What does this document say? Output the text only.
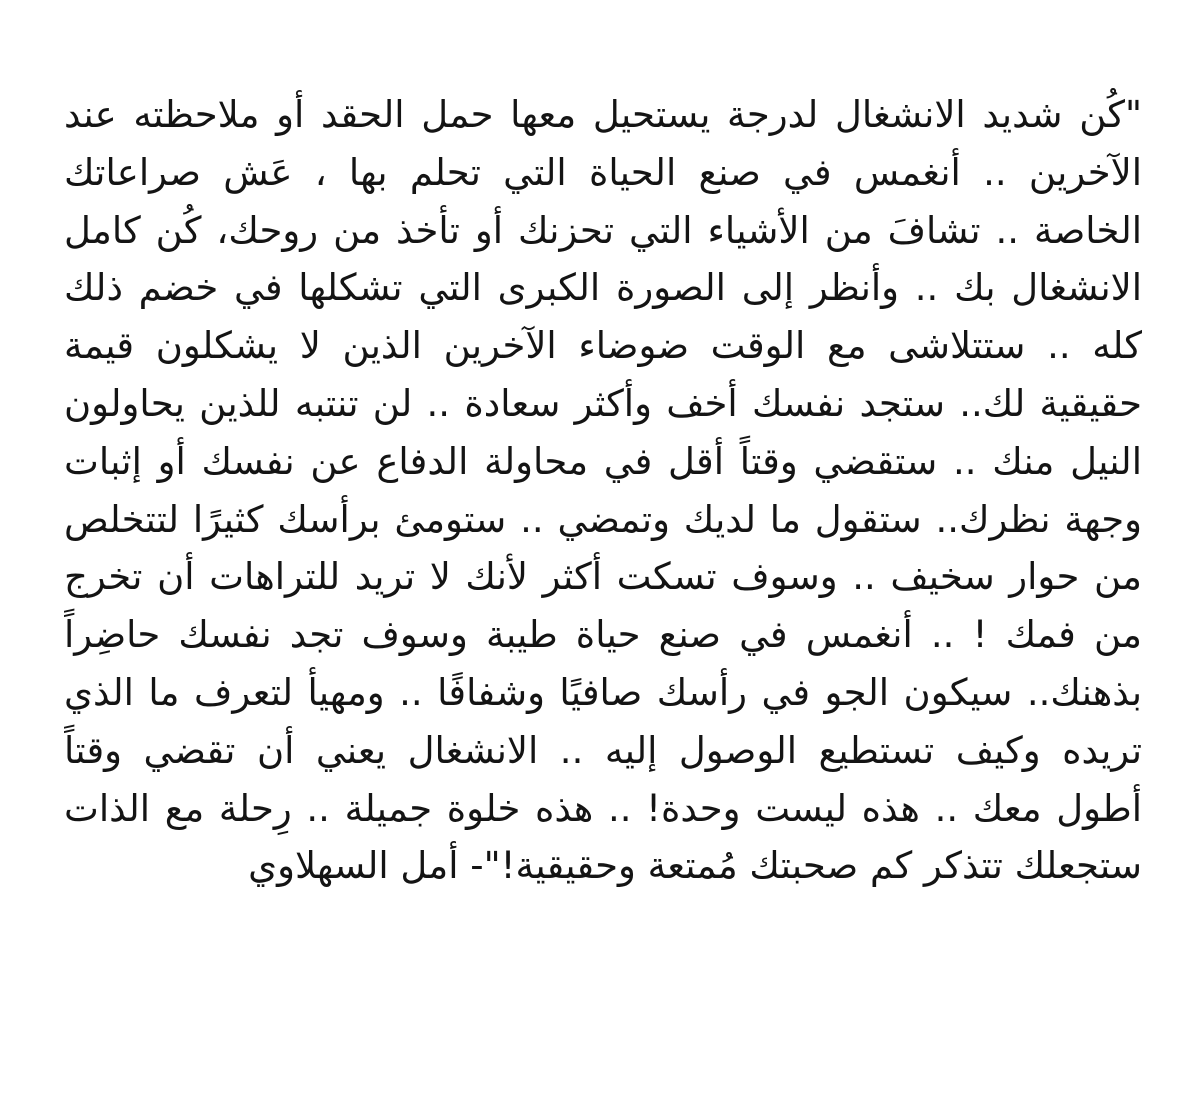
"كُن شديد الانشغال لدرجة يستحيل معها حمل الحقد أو ملاحظته عند
الآخرين .. أنغمس في صنع الحياة التي تحلم بها ، عَش صراعاتك
الخاصة .. تشافَ من الأشياء التي تحزنك أو تأخذ من روحك، كُن كامل
الانشغال بك .. وأنظر إلى الصورة الكبرى التي تشكلها في خضم ذلك
كله .. ستتلاشى مع الوقت ضوضاء الآخرين الذين لا يشكلون قيمة
حقيقية لك.. ستجد نفسك أخف وأكثر سعادة .. لن تنتبه للذين يحاولون
النيل منك .. ستقضي وقتاً أقل في محاولة الدفاع عن نفسك أو إثبات
وجهة نظرك.. ستقول ما لديك وتمضي .. ستومئ برأسك كثيرًا لتتخلص
من حوار سخيف .. وسوف تسكت أكثر لأنك لا تريد للتراهات أن تخرج
من فمك ! .. أنغمس في صنع حياة طيبة وسوف تجد نفسك حاضِراً
بذهنك.. سيكون الجو في رأسك صافيًا وشفافًا .. ومهيأ لتعرف ما الذي
تريده وكيف تستطيع الوصول إليه .. الانشغال يعني أن تقضي وقتاً
أطول معك .. هذه ليست وحدة! .. هذه خلوة جميلة .. رِحلة مع الذات
ستجعلك تتذكر كم صحبتك مُمتعة وحقيقية!"- أمل السهلاوي
